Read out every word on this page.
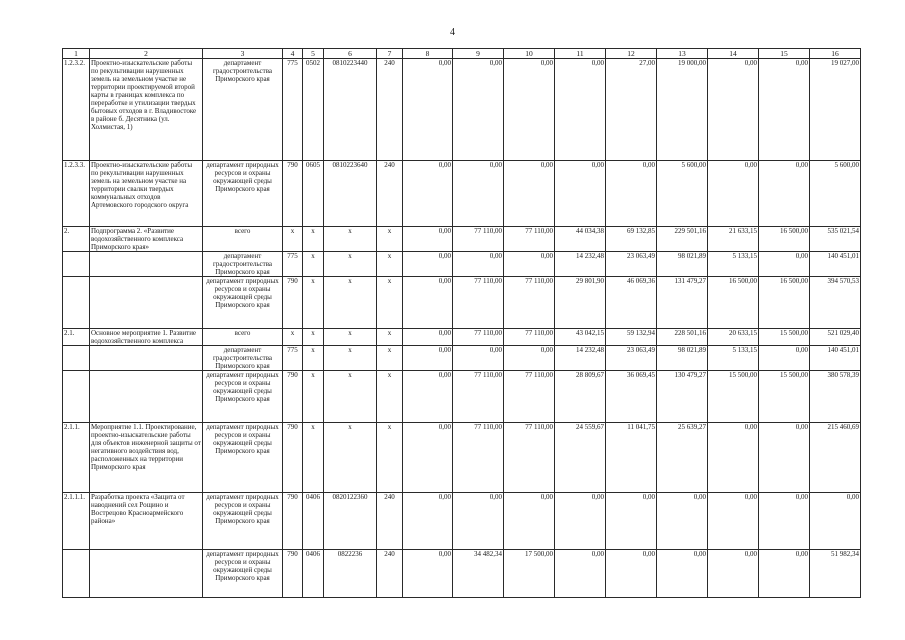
4
1	2	3	4	5	6	7	8	9	10	11	12	13	14	15	16
1.2.3.2.	Проектно-изыскательские работы по рекультивации нарушенных земель на земельном участке не территории проектируемой второй карты в границах комплекса по переработке и утилизации твердых бытовых отходов в г. Владивостоке в районе б. Десятника (ул. Холмистая, 1)	департамент градостроительства Приморского края	775	0502	0810223440	240	0,00	0,00	0,00	0,00	27,00	19 000,00	0,00	0,00	19 027,00
1.2.3.3.	Проектно-изыскательские работы по рекультивации нарушенных земель на земельном участке на территории свалки твердых коммунальных отходов Артемовского городского округа	департамент природных ресурсов и охраны окружающей среды Приморского края	790	0605	0810223640	240	0,00	0,00	0,00	0,00	0,00	5 600,00	0,00	0,00	5 600,00
2.	Подпрограмма 2. «Развитие водохозяйственного комплекса Приморского края»	всего	x	x	x	x	0,00	77 110,00	77 110,00	44 034,38	69 132,85	229 501,16	21 633,15	16 500,00	535 021,54
		департамент градостроительства Приморского края	775	x	x	x	0,00	0,00	0,00	14 232,48	23 063,49	98 021,89	5 133,15	0,00	140 451,01
		департамент природных ресурсов и охраны окружающей среды Приморского края	790	x	x	x	0,00	77 110,00	77 110,00	29 801,90	46 069,36	131 479,27	16 500,00	16 500,00	394 570,53
2.1.	Основное мероприятие 1. Развитие водохозяйственного комплекса	всего	x	x	x	x	0,00	77 110,00	77 110,00	43 042,15	59 132,94	228 501,16	20 633,15	15 500,00	521 029,40
		департамент градостроительства Приморского края	775	x	x	x	0,00	0,00	0,00	14 232,48	23 063,49	98 021,89	5 133,15	0,00	140 451,01
		департамент природных ресурсов и охраны окружающей среды Приморского края	790	x	x	x	0,00	77 110,00	77 110,00	28 809,67	36 069,45	130 479,27	15 500,00	15 500,00	380 578,39
2.1.1.	Мероприятие 1.1. Проектирование, проектно-изыскательские работы для объектов инженерной защиты от негативного воздействия вод, расположенных на территории Приморского края	департамент природных ресурсов и охраны окружающей среды Приморского края	790	x	x	x	0,00	77 110,00	77 110,00	24 559,67	11 041,75	25 639,27	0,00	0,00	215 460,69
2.1.1.1.	Разработка проекта «Защита от наводнений сел Рощино и Вострецово Красноармейского района»	департамент природных ресурсов и охраны окружающей среды Приморского края	790	0406	0820122360	240	0,00	0,00	0,00	0,00	0,00	0,00	0,00	0,00	0,00
		департамент природных ресурсов и охраны окружающей среды Приморского края	790	0406	0822236	240	0,00	34 482,34	17 500,00	0,00	0,00	0,00	0,00	0,00	51 982,34
